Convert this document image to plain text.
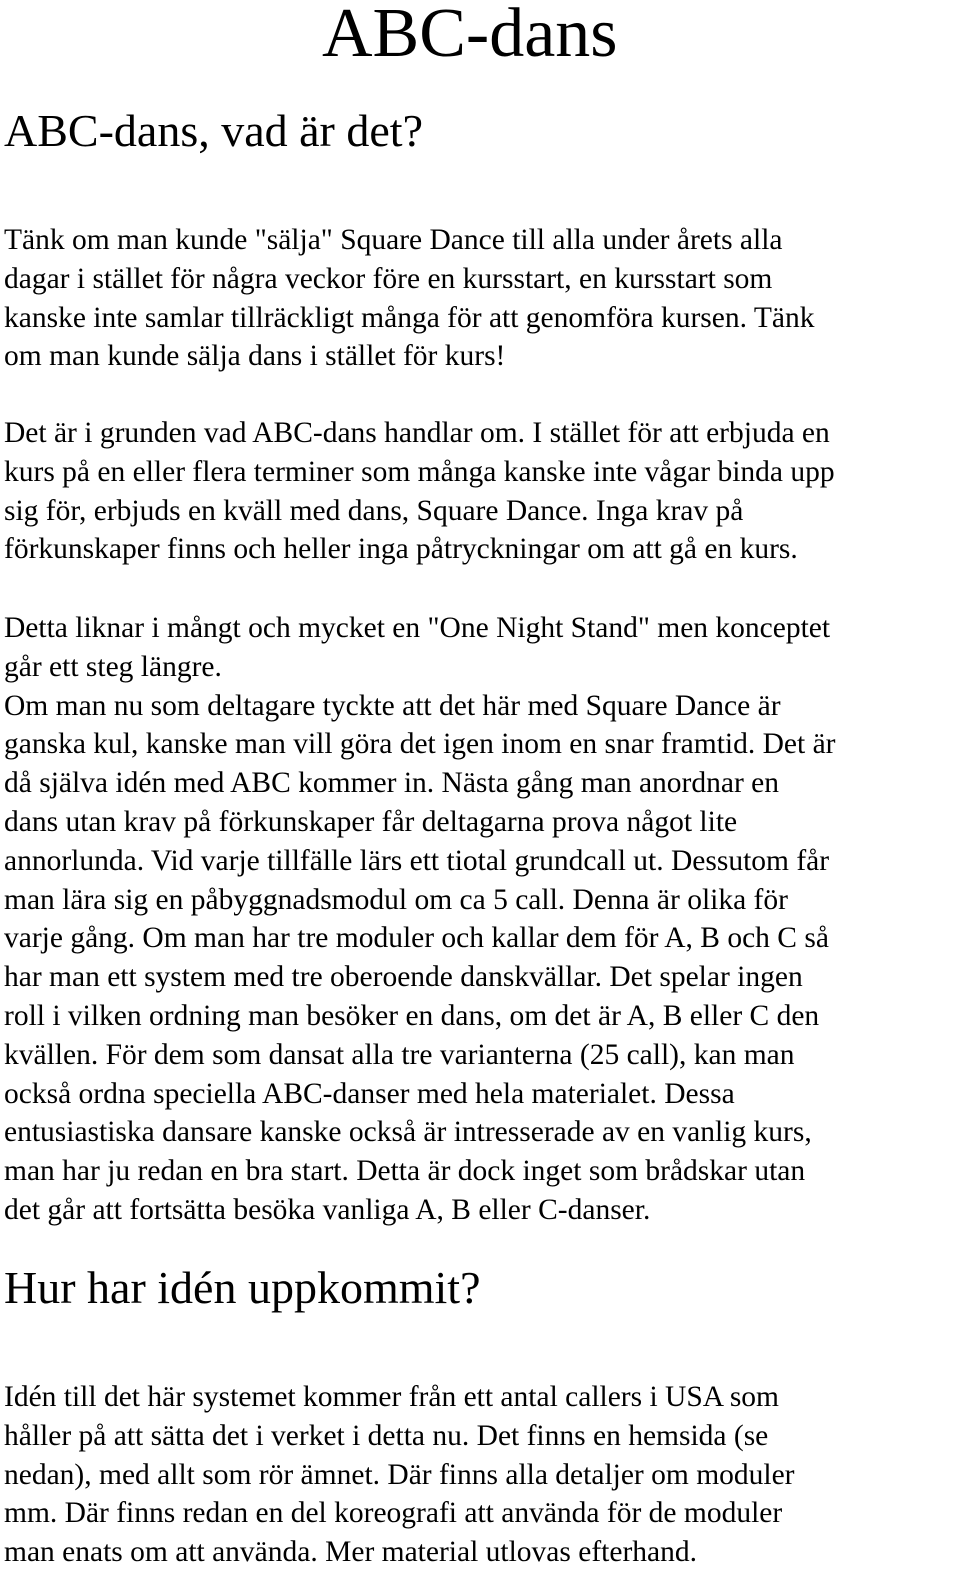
ABC-dans
ABC-dans, vad är det?
Tänk om man kunde "sälja" Square Dance till alla under årets alla
dagar i stället för några veckor före en kursstart, en kursstart som
kanske inte samlar tillräckligt många för att genomföra kursen. Tänk
om man kunde sälja dans i stället för kurs!
Det är i grunden vad ABC-dans handlar om. I stället för att erbjuda en
kurs på en eller flera terminer som många kanske inte vågar binda upp
sig för, erbjuds en kväll med dans, Square Dance. Inga krav på
förkunskaper finns och heller inga påtryckningar om att gå en kurs.
Detta liknar i mångt och mycket en "One Night Stand" men konceptet
går ett steg längre.
Om man nu som deltagare tyckte att det här med Square Dance är
ganska kul, kanske man vill göra det igen inom en snar framtid. Det är
då själva idén med ABC kommer in. Nästa gång man anordnar en
dans utan krav på förkunskaper får deltagarna prova något lite
annorlunda. Vid varje tillfälle lärs ett tiotal grundcall ut. Dessutom får
man lära sig en påbyggnadsmodul om ca 5 call. Denna är olika för
varje gång. Om man har tre moduler och kallar dem för A, B och C så
har man ett system med tre oberoende danskvällar. Det spelar ingen
roll i vilken ordning man besöker en dans, om det är A, B eller C den
kvällen. För dem som dansat alla tre varianterna (25 call), kan man
också ordna speciella ABC-danser med hela materialet. Dessa
entusiastiska dansare kanske också är intresserade av en vanlig kurs,
man har ju redan en bra start. Detta är dock inget som brådskar utan
det går att fortsätta besöka vanliga A, B eller C-danser.
Hur har idén uppkommit?
Idén till det här systemet kommer från ett antal callers i USA som
håller på att sätta det i verket i detta nu. Det finns en hemsida (se
nedan), med allt som rör ämnet. Där finns alla detaljer om moduler
mm. Där finns redan en del koreografi att använda för de moduler
man enats om att använda. Mer material utlovas efterhand.
